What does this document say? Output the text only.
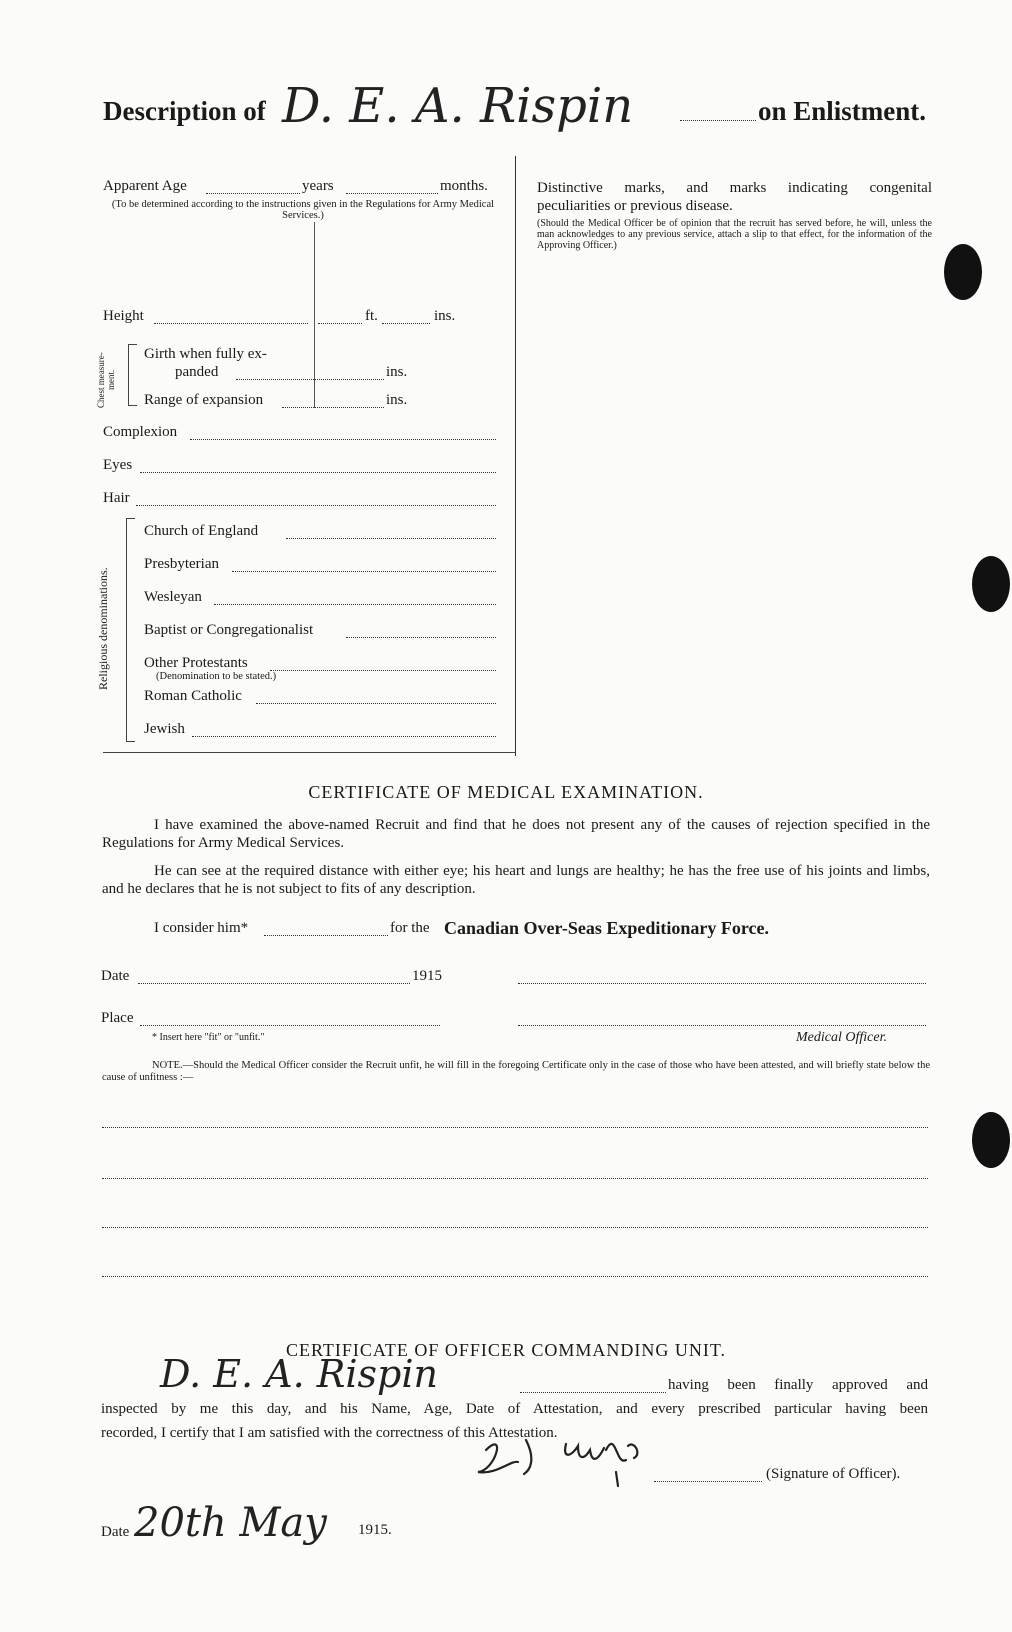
Description of D. E. A. Rispin	on Enlistment.
Apparent Age	years	months.
(To be determined according to the instructions given in the Regulations for Army Medical Services.)
Height	ft.	ins.
Chest measure-ment.
Girth when fully ex-
panded	ins.
Range of expansion	ins.
Complexion
Eyes
Hair
Religious denominations.
Church of England
Presbyterian
Wesleyan
Baptist or Congregationalist
Other Protestants
(Denomination to be stated.)
Roman Catholic
Jewish
Distinctive marks, and marks indicating congenital
peculiarities or previous disease.
(Should the Medical Officer be of opinion that the recruit has served before, he will, unless the man acknowledges to any previous service, attach a slip to that effect, for the information of the Approving Officer.)
CERTIFICATE OF MEDICAL EXAMINATION.
I have examined the above-named Recruit and find that he does not present any of the causes of rejection specified in the Regulations for Army Medical Services.
He can see at the required distance with either eye; his heart and lungs are healthy; he has the free use of his joints and limbs, and he declares that he is not subject to fits of any description.
I consider him*	for the Canadian Over-Seas Expeditionary Force.
Date	1915
Place
* Insert here "fit" or "unfit."	Medical Officer.
NOTE.—Should the Medical Officer consider the Recruit unfit, he will fill in the foregoing Certificate only in the case of those who have been attested, and will briefly state below the cause of unfitness :—
CERTIFICATE OF OFFICER COMMANDING UNIT.
D. E. A. Rispin	having been finally approved and
inspected by me this day, and his Name, Age, Date of Attestation, and every prescribed particular having been
recorded, I certify that I am satisfied with the correctness of this Attestation.
(Signature of Officer).
Date 20th May 1915.
